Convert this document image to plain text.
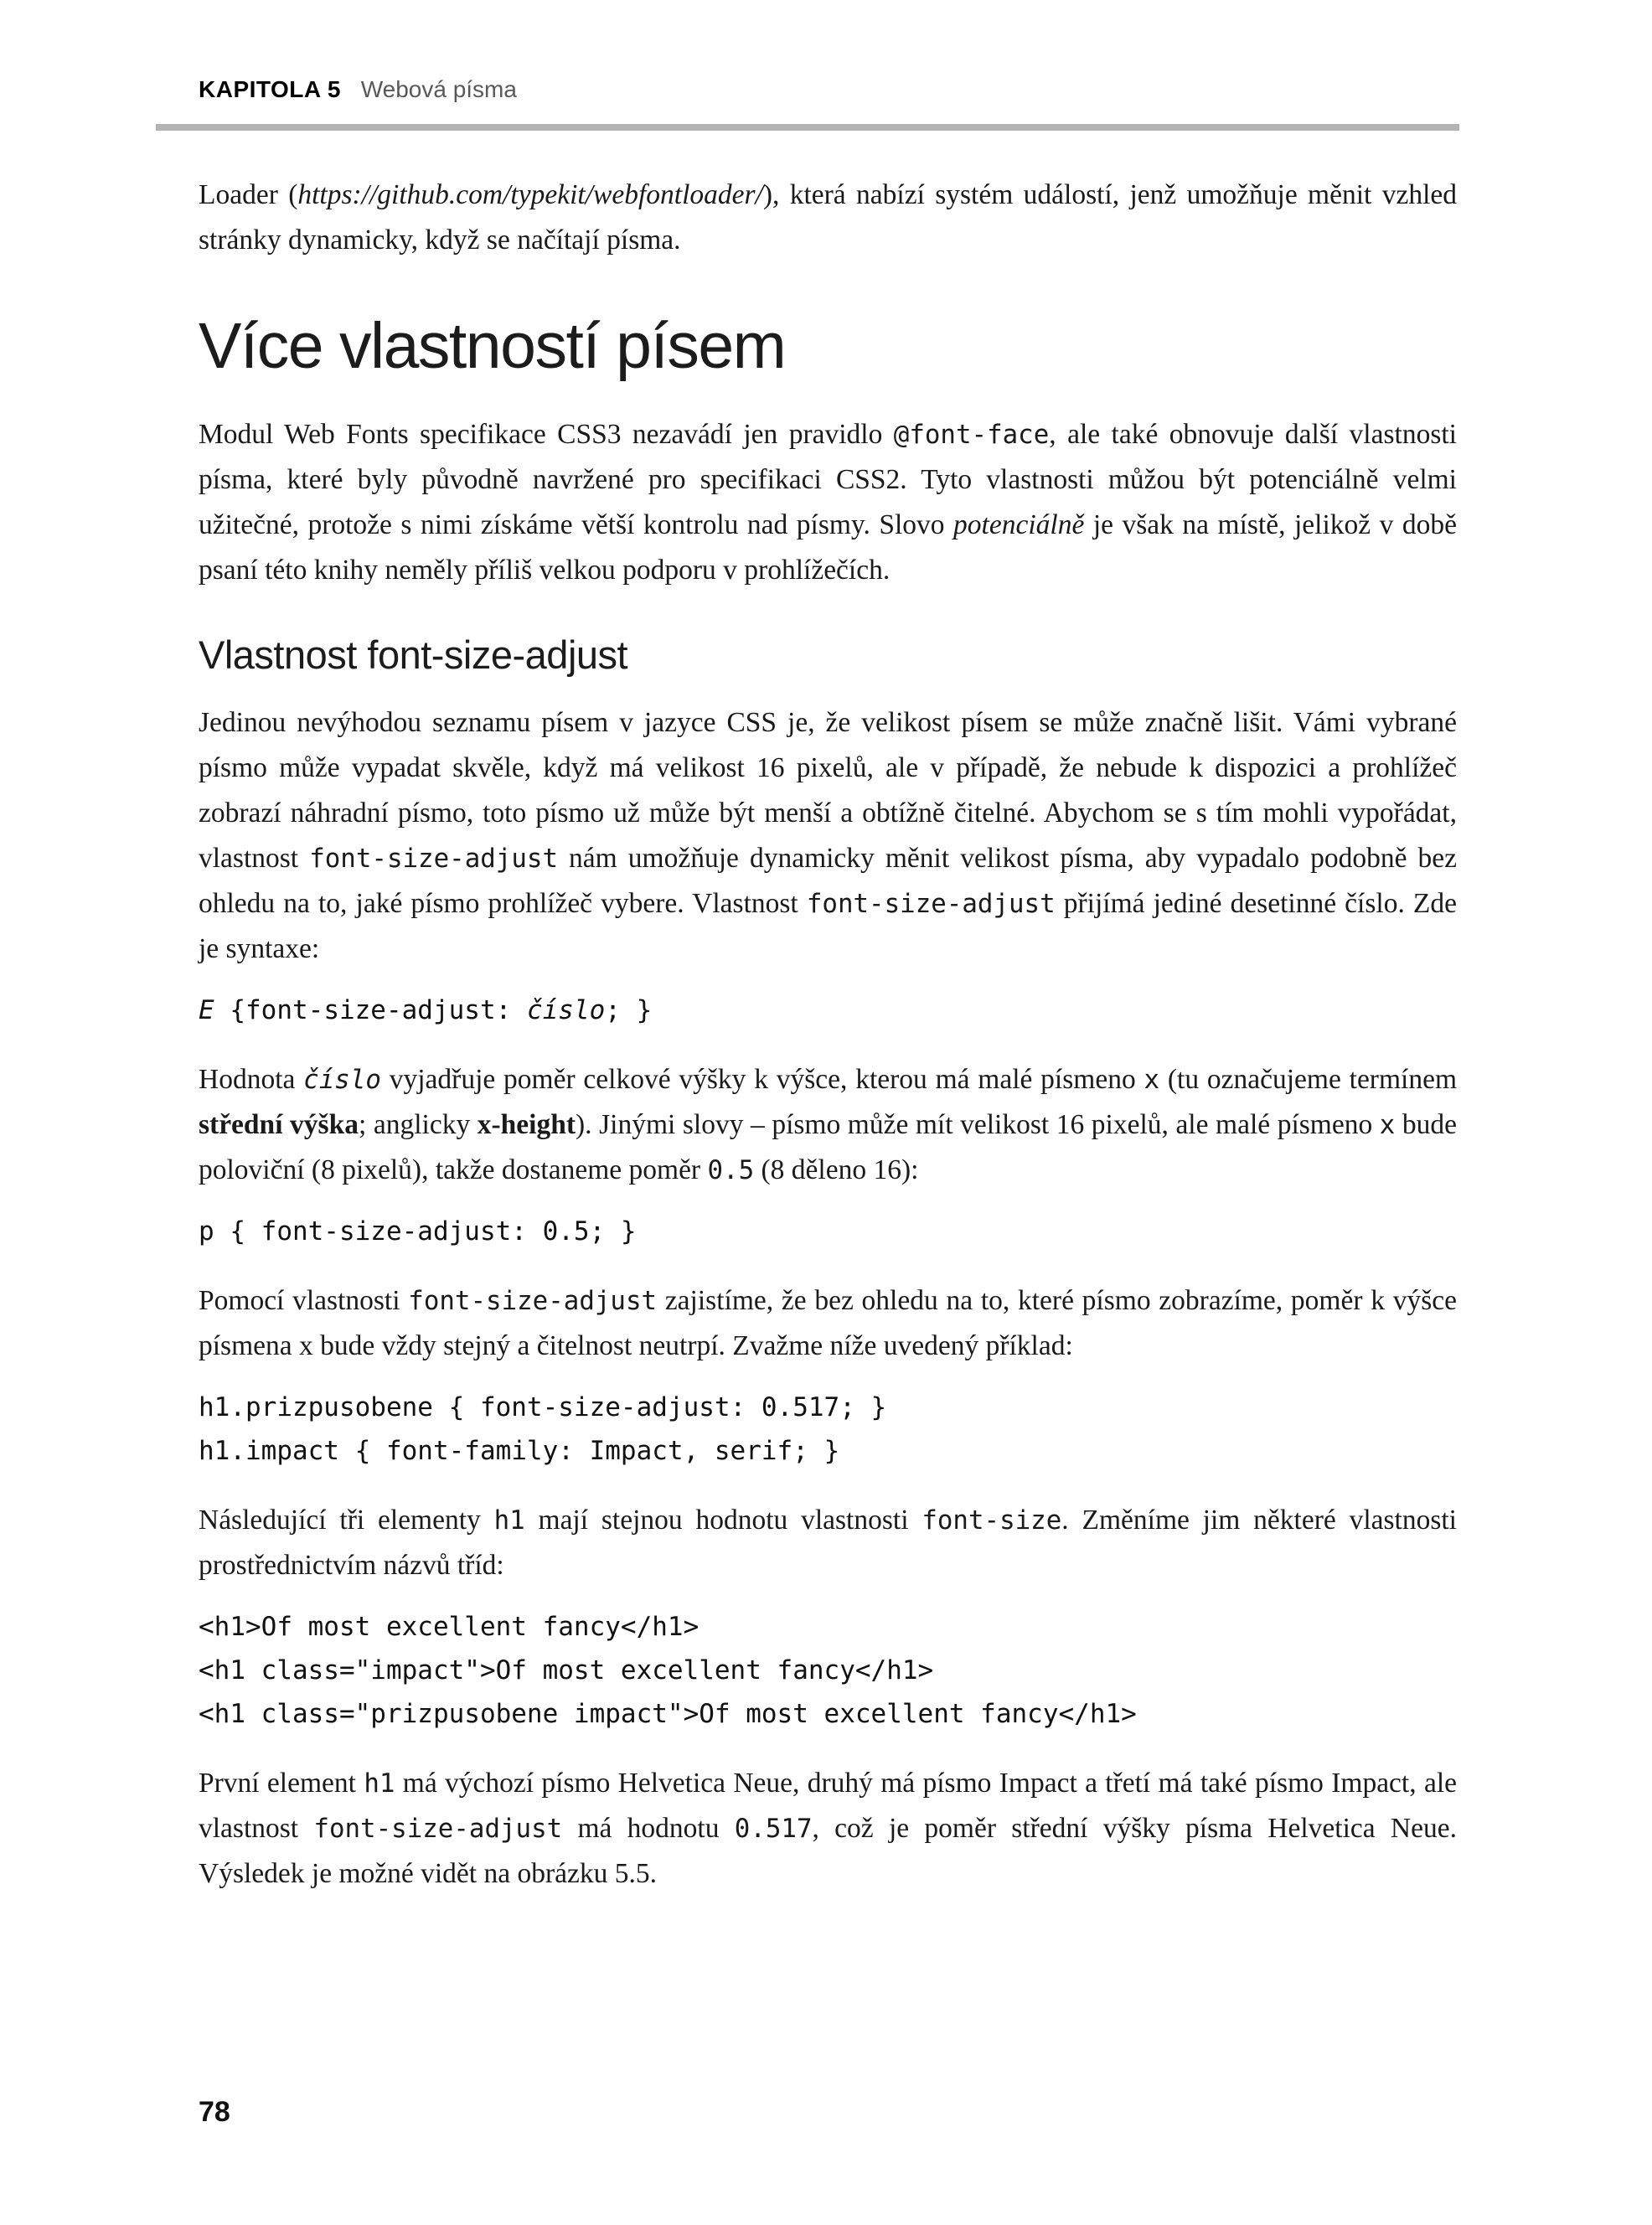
KAPITOLA 5 Webová písma

Loader (https://github.com/typekit/webfontloader/), která nabízí systém událostí, jenž umožňuje měnit vzhled stránky dynamicky, když se načítají písma.

Více vlastností písem

Modul Web Fonts specifikace CSS3 nezavádí jen pravidlo @font-face, ale také obnovuje další vlastnosti písma, které byly původně navržené pro specifikaci CSS2. Tyto vlastnosti můžou být potenciálně velmi užitečné, protože s nimi získáme větší kontrolu nad písmy. Slovo potenciálně je však na místě, jelikož v době psaní této knihy neměly příliš velkou podporu v prohlížečích.

Vlastnost font-size-adjust

Jedinou nevýhodou seznamu písem v jazyce CSS je, že velikost písem se může značně lišit. Vámi vybrané písmo může vypadat skvěle, když má velikost 16 pixelů, ale v případě, že nebude k dispozici a prohlížeč zobrazí náhradní písmo, toto písmo už může být menší a obtížně čitelné. Abychom se s tím mohli vypořádat, vlastnost font-size-adjust nám umožňuje dynamicky měnit velikost písma, aby vypadalo podobně bez ohledu na to, jaké písmo prohlížeč vybere. Vlastnost font-size-adjust přijímá jediné desetinné číslo. Zde je syntaxe:

E {font-size-adjust: číslo; }

Hodnota číslo vyjadřuje poměr celkové výšky k výšce, kterou má malé písmeno x (tu označujeme termínem střední výška; anglicky x-height). Jinými slovy – písmo může mít velikost 16 pixelů, ale malé písmeno x bude poloviční (8 pixelů), takže dostaneme poměr 0.5 (8 děleno 16):

p { font-size-adjust: 0.5; }

Pomocí vlastnosti font-size-adjust zajistíme, že bez ohledu na to, které písmo zobrazíme, poměr k výšce písmena x bude vždy stejný a čitelnost neutrpí. Zvažme níže uvedený příklad:

h1.prizpusobene { font-size-adjust: 0.517; }
h1.impact { font-family: Impact, serif; }

Následující tři elementy h1 mají stejnou hodnotu vlastnosti font-size. Změníme jim některé vlastnosti prostřednictvím názvů tříd:

<h1>Of most excellent fancy</h1>
<h1 class="impact">Of most excellent fancy</h1>
<h1 class="prizpusobene impact">Of most excellent fancy</h1>

První element h1 má výchozí písmo Helvetica Neue, druhý má písmo Impact a třetí má také písmo Impact, ale vlastnost font-size-adjust má hodnotu 0.517, což je poměr střední výšky písma Helvetica Neue. Výsledek je možné vidět na obrázku 5.5.

78
